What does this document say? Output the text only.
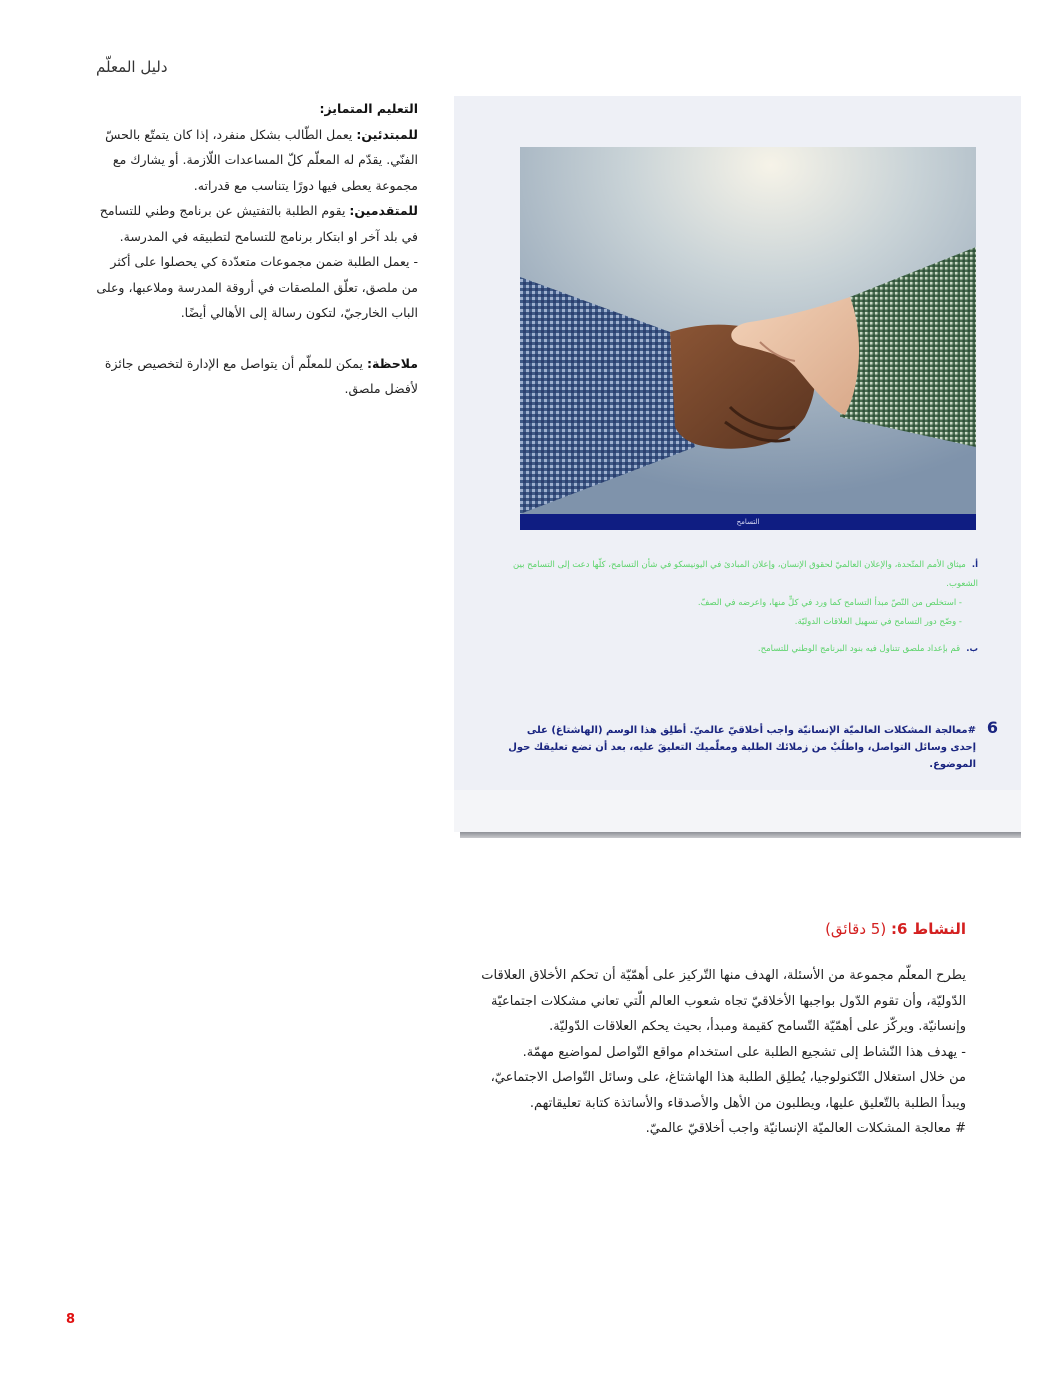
دليل المعلّم

التعليم المتمايز:

للمبتدئين: يعمل الطّالب بشكل منفرد، إذا كان يتمتّع بالحسّ الفنّي. يقدّم له المعلّم كلّ المساعدات اللّازمة. أو يشارك مع مجموعة يعطى فيها دورًا يتناسب مع قدراته.

للمتقدمين: يقوم الطلبة بالتفتيش عن برنامج وطني للتسامح في بلد آخر او ابتكار برنامج للتسامح لتطبيقه في المدرسة.

- يعمل الطلبة ضمن مجموعات متعدّدة كي يحصلوا على أكثر من ملصق، تعلّق الملصقات في أروقة المدرسة وملاعبها، وعلى الباب الخارجيّ، لتكون رسالة إلى الأهالي أيضًا.

ملاحظة: يمكن للمعلّم أن يتواصل مع الإدارة لتخصيص جائزة لأفضل ملصق.

التسامح

أ.ميثاق الأمم المتّحدة، والإعلان العالميّ لحقوق الإنسان، وإعلان المبادئ في اليونيسكو في شأن التسامح، كلّها دعت إلى التسامح بين الشعوب.

- استخلص من النّصّ مبدأ التسامح كما ورد في كلٍّ منها، واعرضه في الصفّ.

- وضّح دور التسامح في تسهيل العلاقات الدوليّة.

ب.قم بإعداد ملصق تتناول فيه بنود البرنامج الوطني للتسامح.

6
#معالجة المشكلات العالميّة الإنسانيّة واجب أخلاقيّ عالميّ. أطلِق هذا الوسم (الهاشتاغ) على إحدى وسائل التواصل، واطلُبْ من زملائك الطلبة ومعلّميك التعليقَ عليه، بعد أن تضع تعليقك حول الموضوع.
النشاط 6: (5 دقائق)

يطرح المعلّم مجموعة من الأسئلة، الهدف منها التّركيز على أهمّيّة أن تحكم الأخلاق العلاقات الدّوليّة، وأن تقوم الدّول بواجبها الأخلاقيّ تجاه شعوب العالم الّتي تعاني مشكلات اجتماعيّة وإنسانيّة. ويركّز على أهمّيّة التّسامح كقيمة ومبدأ، بحيث يحكم العلاقات الدّوليّة.

- يهدف هذا النّشاط إلى تشجيع الطلبة على استخدام مواقع التّواصل لمواضيع مهمّة.

من خلال استغلال التّكنولوجيا، يُطلِق الطلبة هذا الهاشتاغ، على وسائل التّواصل الاجتماعيّ، ويبدأ الطلبة بالتّعليق عليها، ويطلبون من الأهل والأصدقاء والأساتذة كتابة تعليقاتهم.

# معالجة المشكلات العالميّة الإنسانيّة واجب أخلاقيّ عالميّ.

8
